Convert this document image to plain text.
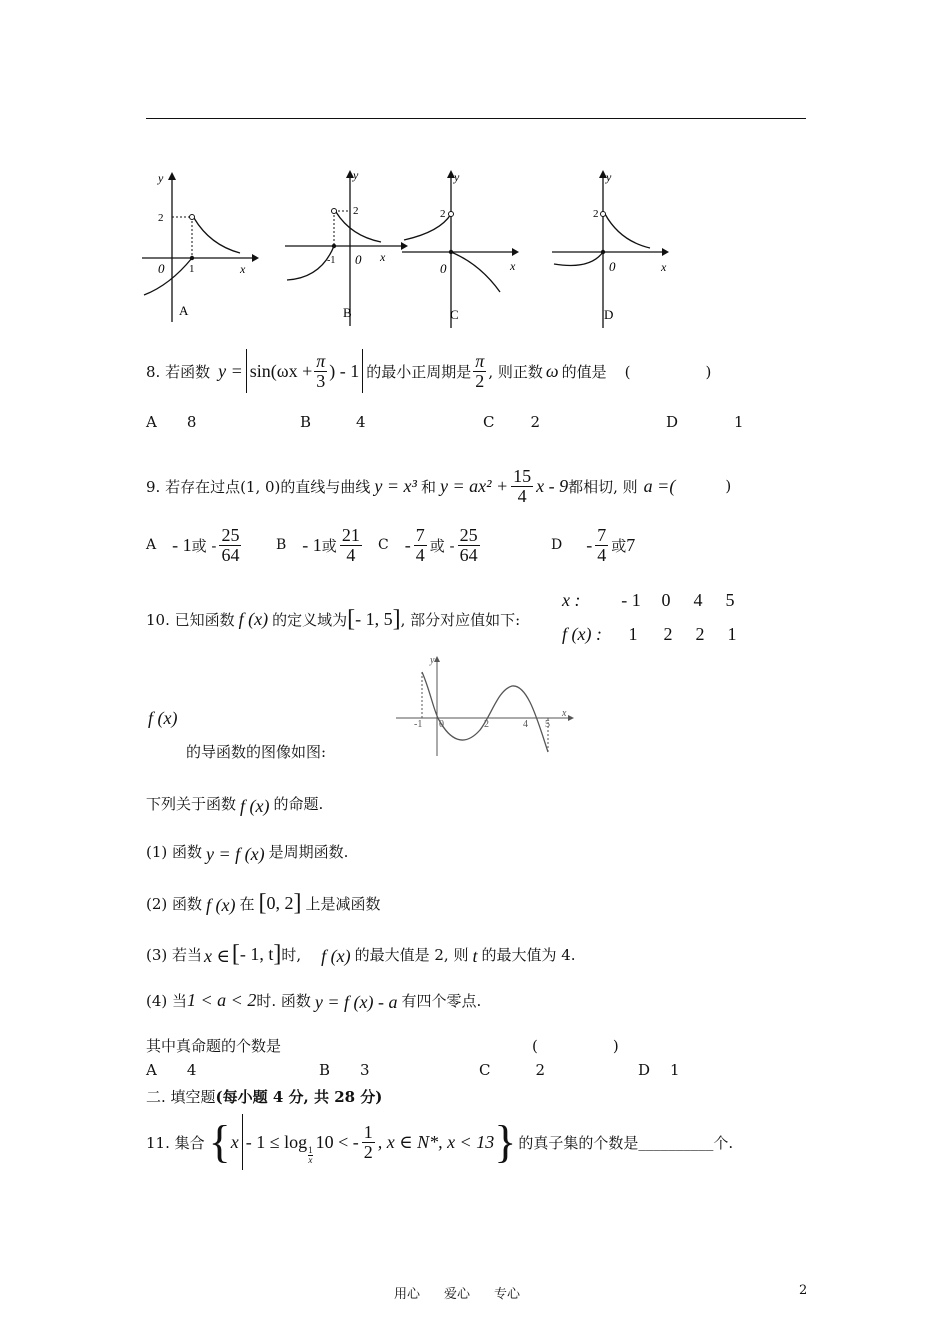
y
x
0 1
2
A
y
x
0
-1
2
B
y
x
0
2
C
y
x
0
2
D
8. 若函数 $y = \sin(\omega x + \frac{\pi}{3}$ ) - 1 的最小正周期是 $\frac{\pi}{2}$ , 则正数 ω 的值是 (　　　　　)
A 8	B	4	C 2	D	1
9. 若存在过点(1, 0)的直线与曲线 y = x³ 和 $y = ax^2 + \frac{15}{4}$ x - 9 都相切, 则 a =(	)
A - 1 或 - $\frac{25}{64}$ B - 1 或 $\frac{21}{4}$ C - $\frac{7}{4}$ 或 - $\frac{25}{64}$	D - $\frac{7}{4}$ 或 7
10. 已知函数 f (x) 的定义域为 [ - 1, 5 ] , 部分对应值如下:
x :	- 1	0	4	5
f (x) :	1	2	2	1
y
x
-1 0	2	4 5
f (x)
的导函数的图像如图:
下列关于函数 f (x) 的命题.
(1) 函数 y = f (x) 是周期函数.
(2) 函数 f (x) 在 [ 0, 2 ] 上是减函数
(3) 若当 x ∈ [ - 1, t ] 时, f (x) 的最大值是 2, 则 t 的最大值为 4.
(4) 当 1 < a < 2 时. 函数 y = f (x) - a 有四个零点.
其中真命题的个数是	(　　　　　)
A 4	B 3	C	2	D 1
二. 填空题(每小题 4 分, 共 28 分)
11. 集合 { x - 1 ≤ log 1
x
10 < - $\frac{1}{2}$ , x ∈ N*, x < 13 } 的真子集的个数是 __________ 个.
用心 爱心 专心	2
